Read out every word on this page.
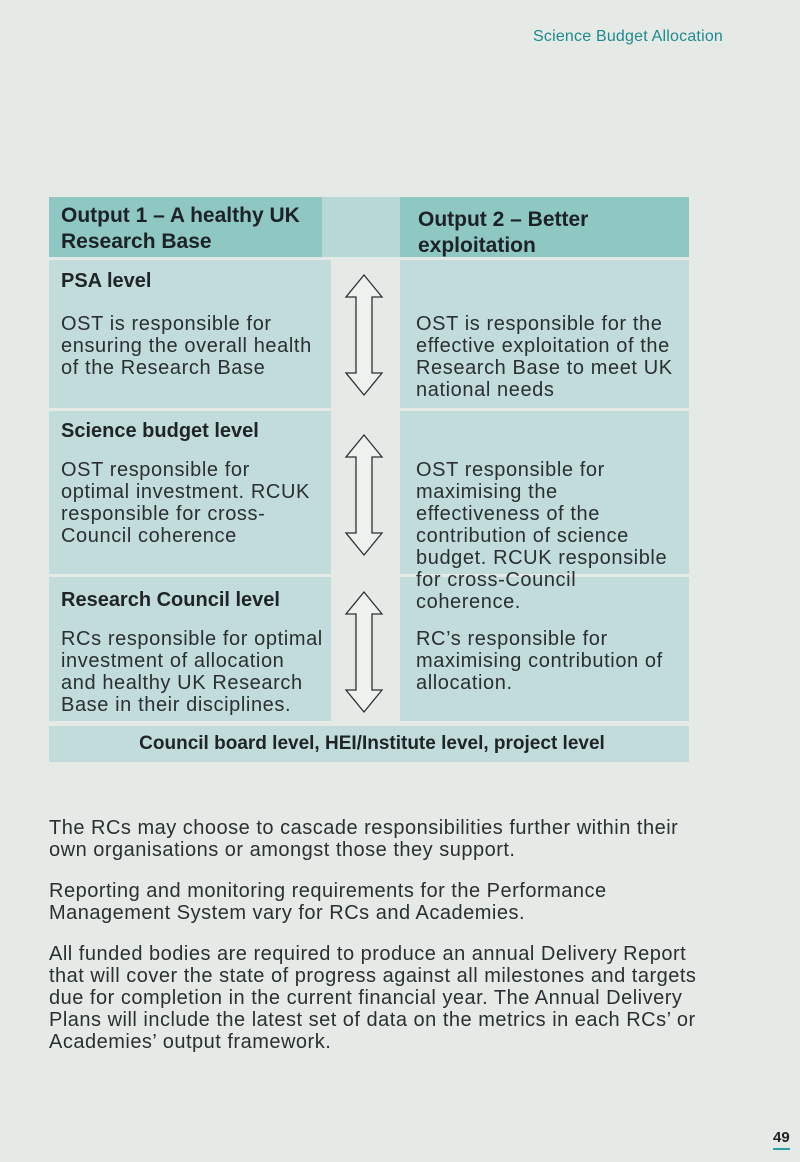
Science Budget Allocation
Output 1 – A healthy UK Research Base
Output 2 – Better exploitation
PSA level
OST is responsible for ensuring the overall health of the Research Base
OST is responsible for the effective exploitation of the Research Base to meet UK national needs
Science budget level
OST responsible for optimal investment. RCUK responsible for cross-Council coherence
OST responsible for maximising the effectiveness of the contribution of science budget. RCUK responsible for cross-Council coherence.
Research Council level
RCs responsible for optimal investment of allocation and healthy UK Research Base in their disciplines.
RC’s responsible for maximising contribution of allocation.
Council board level, HEI/Institute level, project level
The RCs may choose to cascade responsibilities further within their own organisations or amongst those they support.
Reporting and monitoring requirements for the Performance Management System vary for RCs and Academies.
All funded bodies are required to produce an annual Delivery Report that will cover the state of progress against all milestones and targets due for completion in the current financial year. The Annual Delivery Plans will include the latest set of data on the metrics in each RCs’ or Academies’ output framework.
49
